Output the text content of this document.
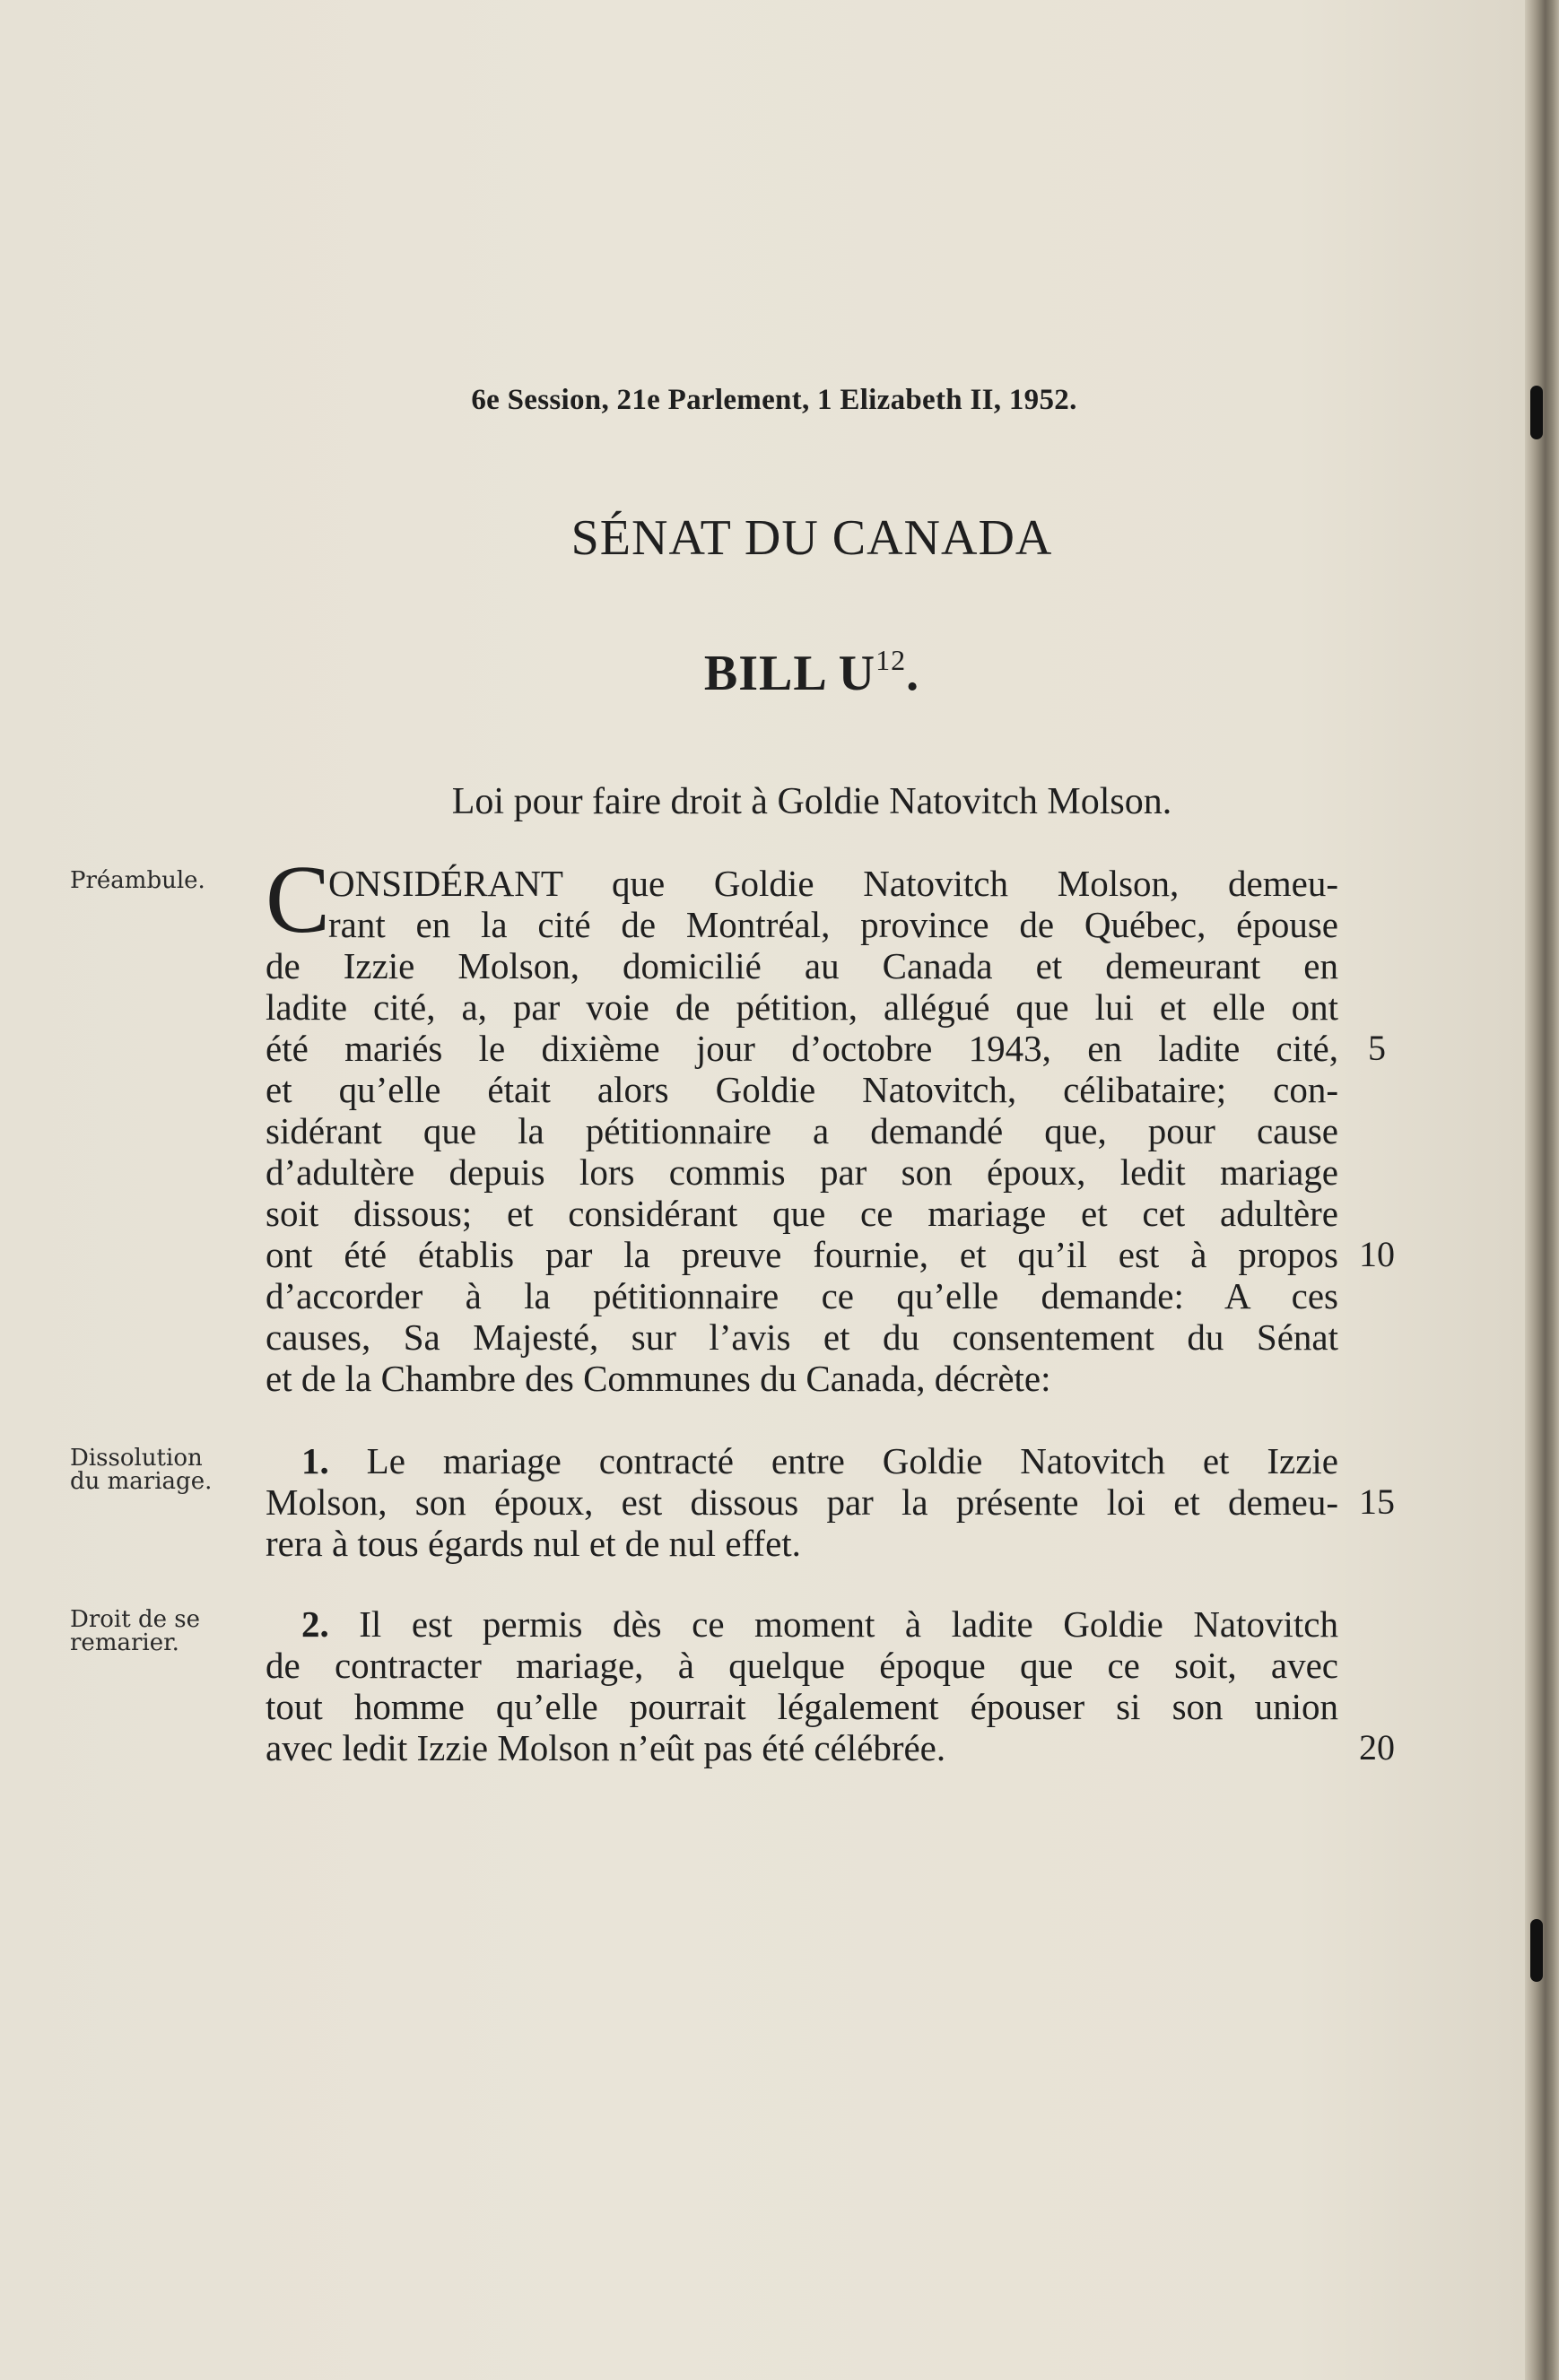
6e Session, 21e Parlement, 1 Elizabeth II, 1952.
SÉNAT DU CANADA
BILL $U^{12}$.
Loi pour faire droit à Goldie Natovitch Molson.
Préambule.
Dissolution
du mariage.
Droit de se
remarier.
C
ONSIDÉRANT que Goldie Natovitch Molson, demeu-
rant en la cité de Montréal, province de Québec, épouse
de Izzie Molson, domicilié au Canada et demeurant en
ladite cité, a, par voie de pétition, allégué que lui et elle ont
été mariés le dixième jour d’octobre 1943, en ladite cité,
et qu’elle était alors Goldie Natovitch, célibataire; con-
sidérant que la pétitionnaire a demandé que, pour cause
d’adultère depuis lors commis par son époux, ledit mariage
soit dissous; et considérant que ce mariage et cet adultère
ont été établis par la preuve fournie, et qu’il est à propos
d’accorder à la pétitionnaire ce qu’elle demande: A ces
causes, Sa Majesté, sur l’avis et du consentement du Sénat
et de la Chambre des Communes du Canada, décrète:
1. Le mariage contracté entre Goldie Natovitch et Izzie
Molson, son époux, est dissous par la présente loi et demeu-
rera à tous égards nul et de nul effet.
2. Il est permis dès ce moment à ladite Goldie Natovitch
de contracter mariage, à quelque époque que ce soit, avec
tout homme qu’elle pourrait légalement épouser si son union
avec ledit Izzie Molson n’eût pas été célébrée.
5
10
15
20
